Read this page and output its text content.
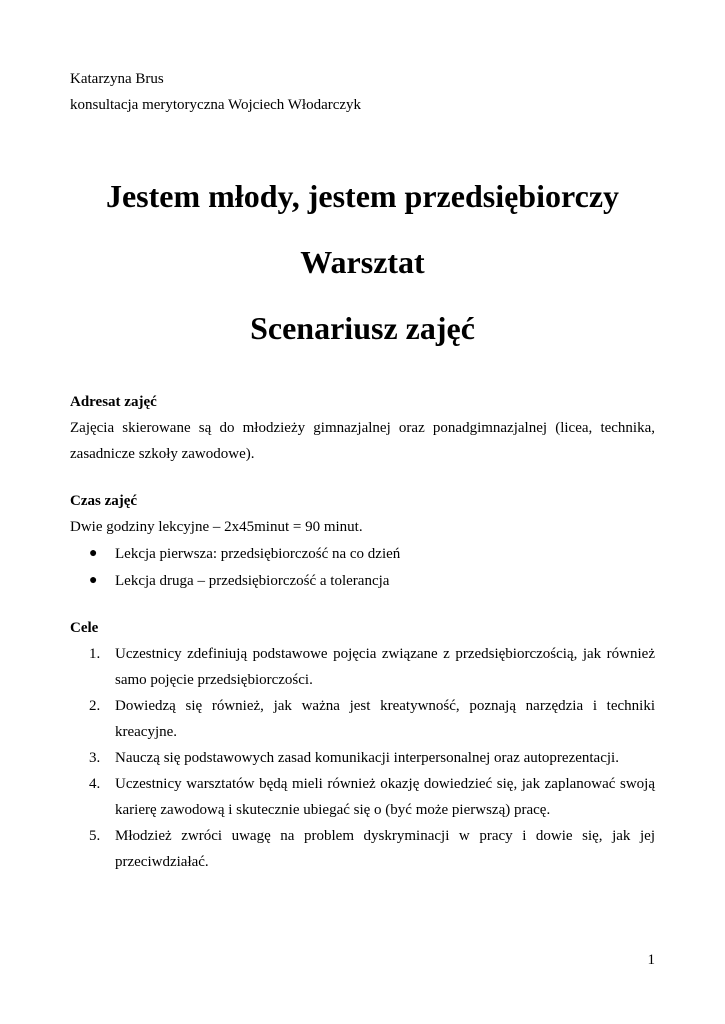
Katarzyna Brus

konsultacja merytoryczna Wojciech Włodarczyk

Jestem młody, jestem przedsiębiorczy
Warsztat
Scenariusz zajęć

Adresat zajęć

Zajęcia skierowane są do młodzieży gimnazjalnej oraz ponadgimnazjalnej (licea, technika, zasadnicze szkoły zawodowe).

Czas zajęć

Dwie godziny lekcyjne – 2x45minut = 90 minut.

● Lekcja pierwsza: przedsiębiorczość na co dzień
● Lekcja druga – przedsiębiorczość a tolerancja

Cele

1. Uczestnicy zdefiniują podstawowe pojęcia związane z przedsiębiorczością, jak również samo pojęcie przedsiębiorczości.
2. Dowiedzą się również, jak ważna jest kreatywność, poznają narzędzia i techniki kreacyjne.
3. Nauczą się podstawowych zasad komunikacji interpersonalnej oraz autoprezentacji.
4. Uczestnicy warsztatów będą mieli również okazję dowiedzieć się, jak zaplanować swoją karierę zawodową i skutecznie ubiegać się o (być może pierwszą) pracę.
5. Młodzież zwróci uwagę na problem dyskryminacji w pracy i dowie się, jak jej przeciwdziałać.
1
